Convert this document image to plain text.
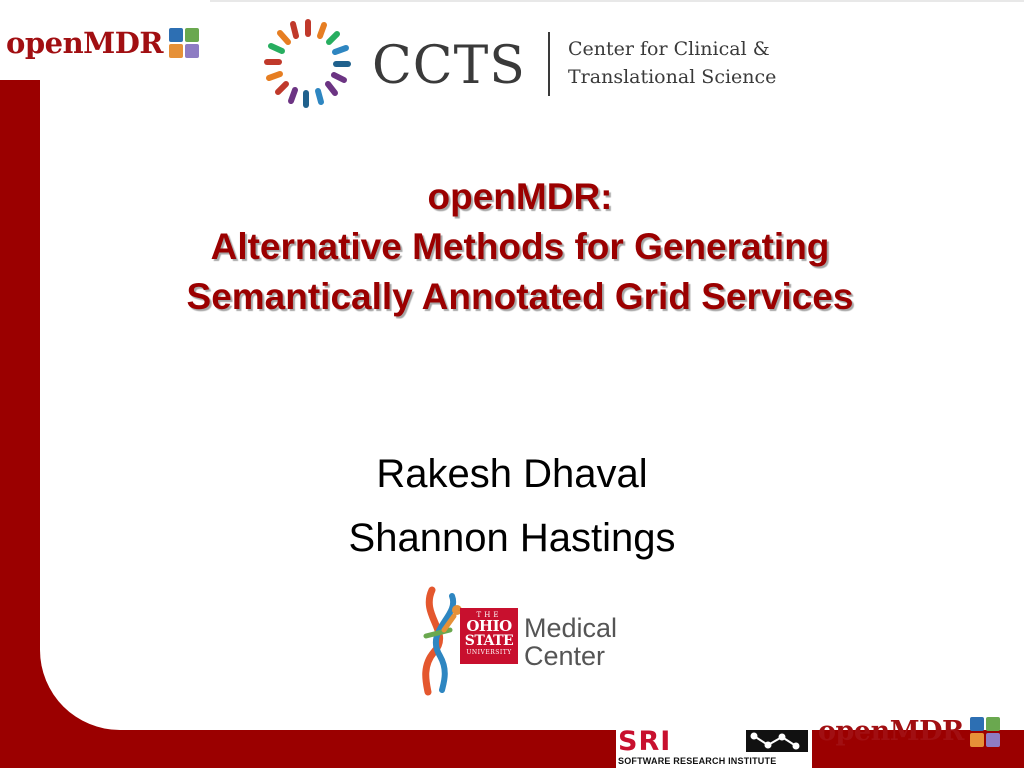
openMDR	CCTS Center for Clinical &
Translational Science
openMDR:
Alternative Methods for Generating
Semantically Annotated Grid Services
Rakesh Dhaval
Shannon Hastings
THE
OHIO
STATE
UNIVERSITY
Medical
Center
SRI
SOFTWARE RESEARCH INSTITUTE
openMDR
